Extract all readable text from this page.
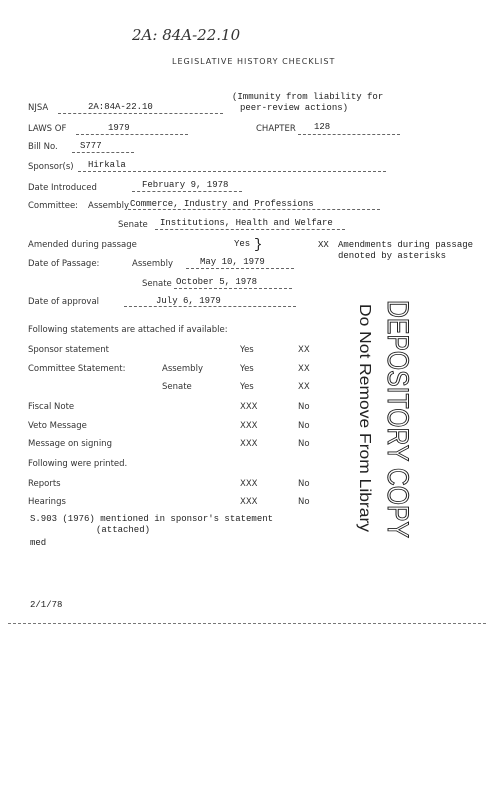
2A: 84A-22.10
LEGISLATIVE HISTORY CHECKLIST
NJSA	2A:84A-22.10
(Immunity from liability for
peer-review actions)
LAWS OF	1979	CHAPTER 128
Bill No. S777
Sponsor(s) Hirkala
Date Introduced	February 9, 1978
Committee: Assembly Commerce, Industry and Professions
Senate Institutions, Health and Welfare
Amended during passage	Yes }	XX Amendments during passage
denoted by asterisks
Date of Passage:	Assembly	May 10, 1979
Senate October 5, 1978
Date of approval	July 6, 1979
Following statements are attached if available:
Sponsor statement	Yes	XX
Committee Statement:	Assembly	Yes	XX
Senate	Yes	XX
Fiscal Note	XXX	No
Veto Message	XXX	No
Message on signing	XXX	No
Following were printed.
Reports	XXX	No
Hearings	XXX	No
S.903 (1976) mentioned in sponsor's statement
(attached)
med
2/1/78
DEPOSITORY COPY
Do Not Remove From Library
